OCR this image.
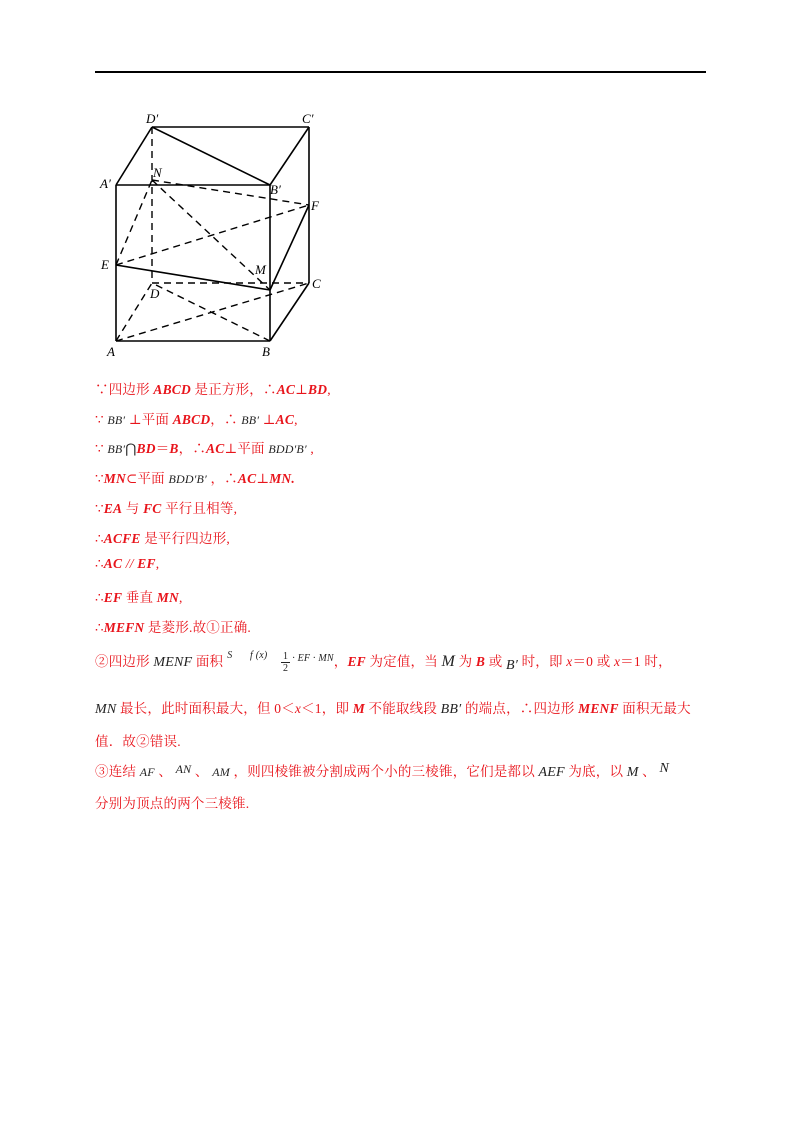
D′	C′
A′	B′
N
F
E	M
D
C
A	B
∵四边形 ABCD 是正方形，∴AC⊥BD,
∵ BB′ ⊥平面 ABCD，∴ BB′ ⊥AC,
∵ BB′⋂BD＝B，∴AC⊥平面 BDD′B′ ,
∵MN⊂平面 BDD′B′ ，∴AC⊥MN.
∵EA 与 FC 平行且相等,
∴ACFE 是平行四边形,
∴AC // EF,
∴EF 垂直 MN,
∴MEFN 是菱形.故①正确.
②四边形 MENF 面积 $^S$ $^{f (x)} \frac{1}{2} ^{\cdot EF \cdot MN}$，EF 为定值，当 M 为 B 或 B′ 时，即 x＝0 或 x＝1 时，
MN 最长，此时面积最大，但 0＜x＜1，即 M 不能取线段 BB′ 的端点，∴四边形 MENF 面积无最大
值．故②错误.
③连结 AF 、 AN 、 AM ，则四棱锥被分割成两个小的三棱锥，它们是都以 AEF 为底，以 M 、 N
分别为顶点的两个三棱锥.
